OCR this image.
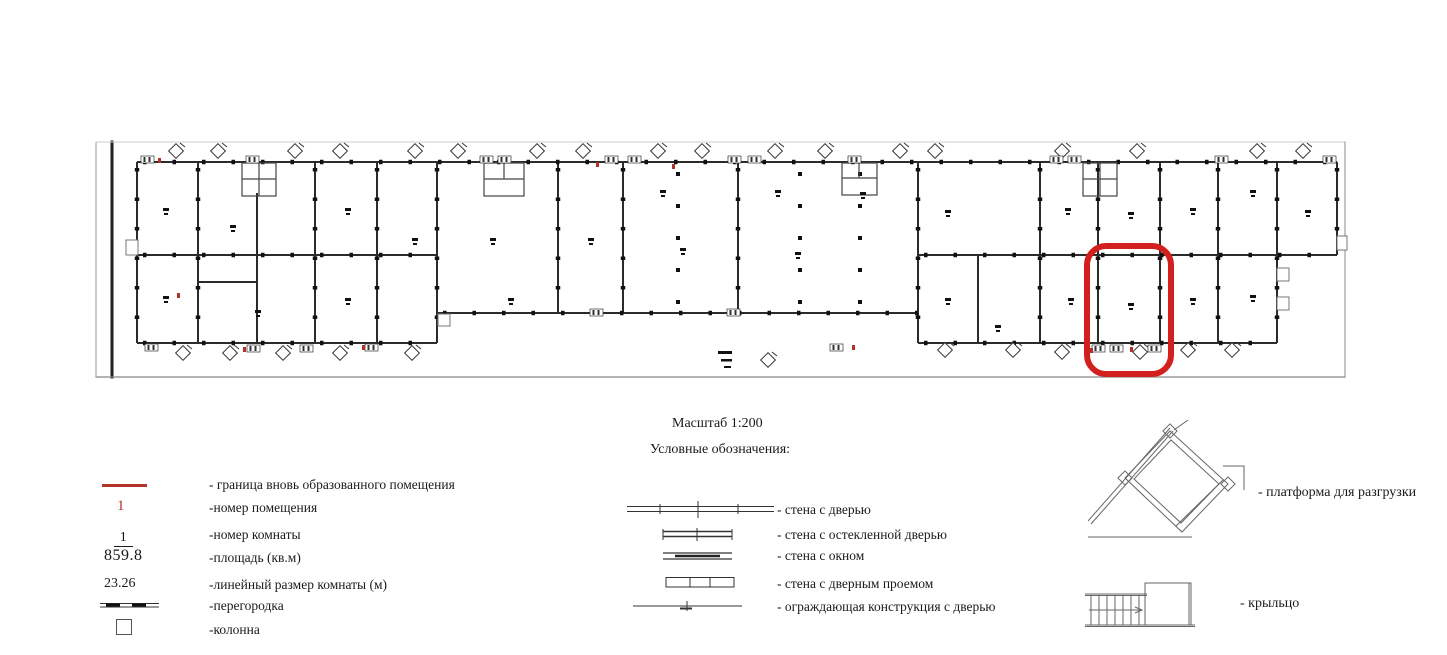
- граница вновь образованного помещения
1	-номер помещения
1
859.8
-номер комнаты
-площадь (кв.м)
23.26	-линейный размер комнаты (м)
-перегородка
-колонна
Масштаб 1:200
Условные обозначения:
- стена с дверью
- стена с остекленной дверью
- стена с окном
- стена с дверным проемом
- ограждающая конструкция с дверью
- платформа для разгрузки
- крыльцо
